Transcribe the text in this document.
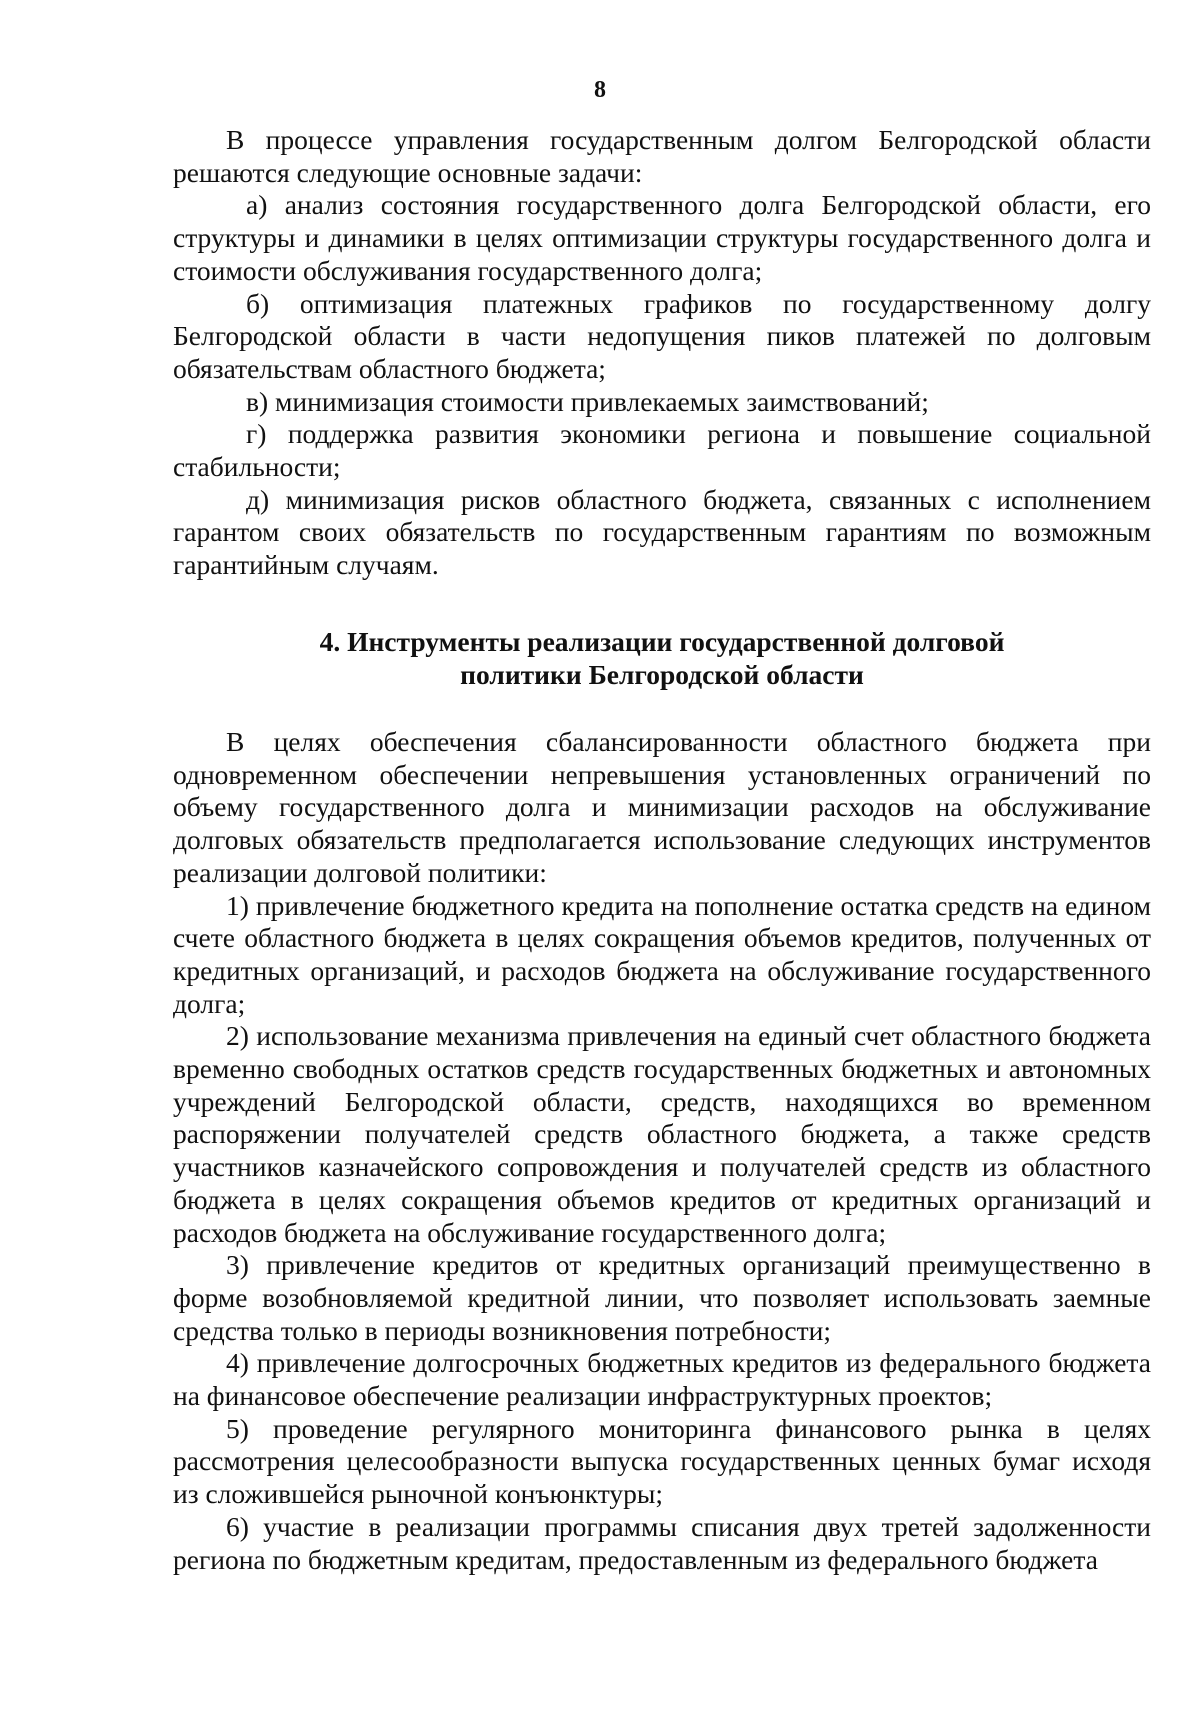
8

В процессе управления государственным долгом Белгородской области решаются следующие основные задачи:

а) анализ состояния государственного долга Белгородской области, его структуры и динамики в целях оптимизации структуры государственного долга и стоимости обслуживания государственного долга;

б) оптимизация платежных графиков по государственному долгу Белгородской области в части недопущения пиков платежей по долговым обязательствам областного бюджета;

в) минимизация стоимости привлекаемых заимствований;

г) поддержка развития экономики региона и повышение социальной стабильности;

д) минимизация рисков областного бюджета, связанных с исполнением гарантом своих обязательств по государственным гарантиям по возможным гарантийным случаям.

4. Инструменты реализации государственной долговой
политики Белгородской области

В целях обеспечения сбалансированности областного бюджета при одновременном обеспечении непревышения установленных ограничений по объему государственного долга и минимизации расходов на обслуживание долговых обязательств предполагается использование следующих инструментов реализации долговой политики:

1) привлечение бюджетного кредита на пополнение остатка средств на едином счете областного бюджета в целях сокращения объемов кредитов, полученных от кредитных организаций, и расходов бюджета на обслуживание государственного долга;

2) использование механизма привлечения на единый счет областного бюджета временно свободных остатков средств государственных бюджетных и автономных учреждений Белгородской области, средств, находящихся во временном распоряжении получателей средств областного бюджета, а также средств участников казначейского сопровождения и получателей средств из областного бюджета в целях сокращения объемов кредитов от кредитных организаций и расходов бюджета на обслуживание государственного долга;

3) привлечение кредитов от кредитных организаций преимущественно в форме возобновляемой кредитной линии, что позволяет использовать заемные средства только в периоды возникновения потребности;

4) привлечение долгосрочных бюджетных кредитов из федерального бюджета на финансовое обеспечение реализации инфраструктурных проектов;

5) проведение регулярного мониторинга финансового рынка в целях рассмотрения целесообразности выпуска государственных ценных бумаг исходя из сложившейся рыночной конъюнктуры;

6) участие в реализации программы списания двух третей задолженности региона по бюджетным кредитам, предоставленным из федерального бюджета
